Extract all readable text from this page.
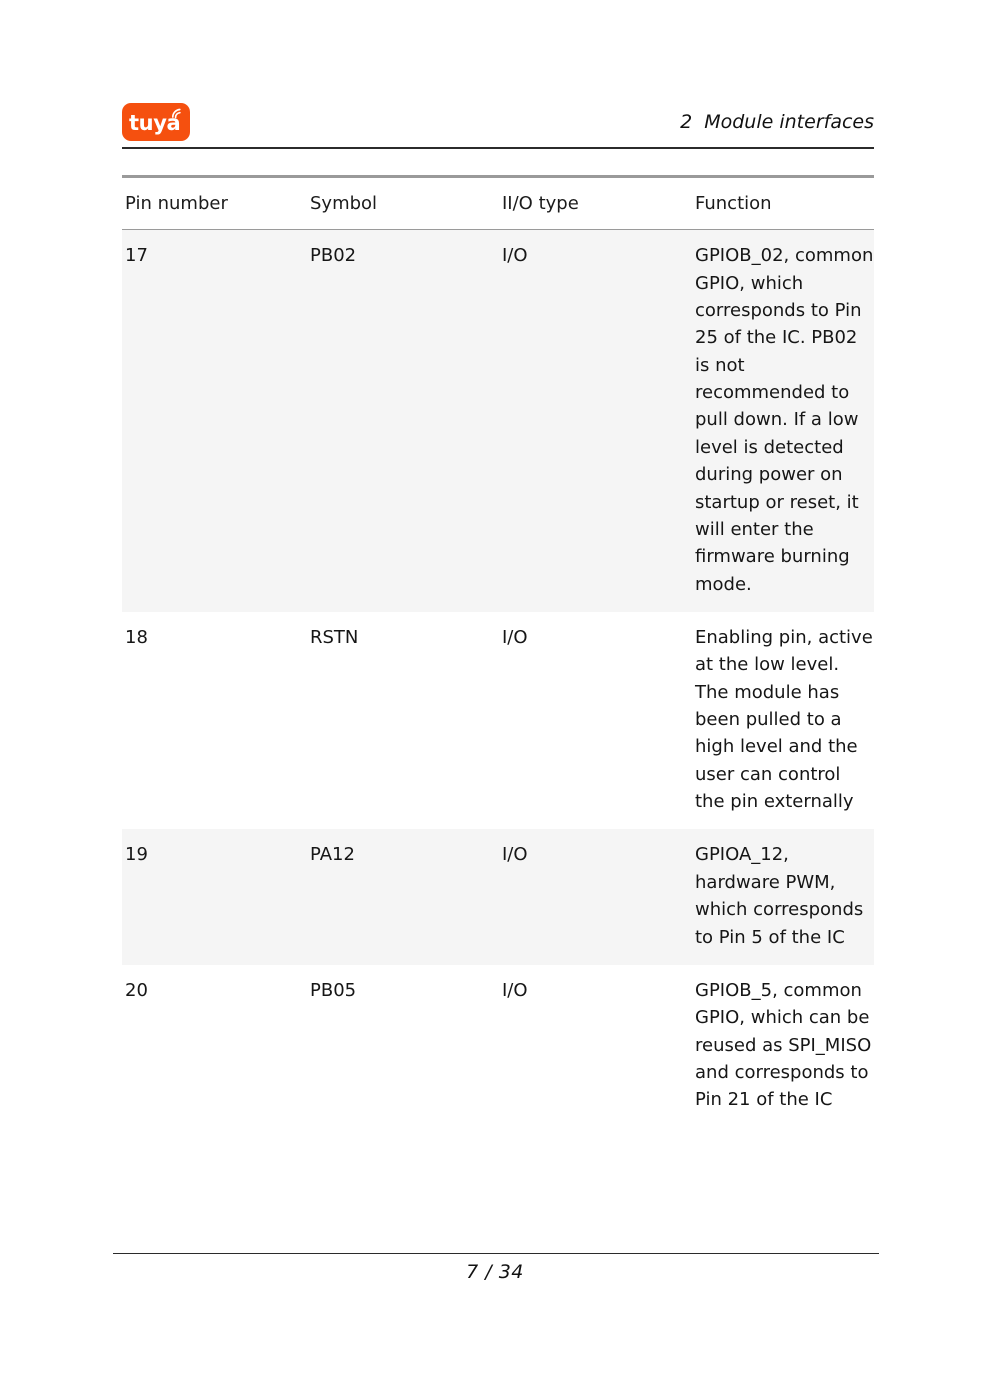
tuya	2  Module interfaces
Pin number	Symbol	II/O type	Function
17	PB02	I/O	GPIOB_02, common GPIO, which corresponds to Pin 25 of the IC. PB02 is not recommended to pull down. If a low level is detected during power on startup or reset, it will enter the firmware burning mode.
18	RSTN	I/O	Enabling pin, active at the low level. The module has been pulled to a high level and the user can control the pin externally
19	PA12	I/O	GPIOA_12, hardware PWM, which corresponds to Pin 5 of the IC
20	PB05	I/O	GPIOB_5, common GPIO, which can be reused as SPI_MISO and corresponds to Pin 21 of the IC
7 / 34
